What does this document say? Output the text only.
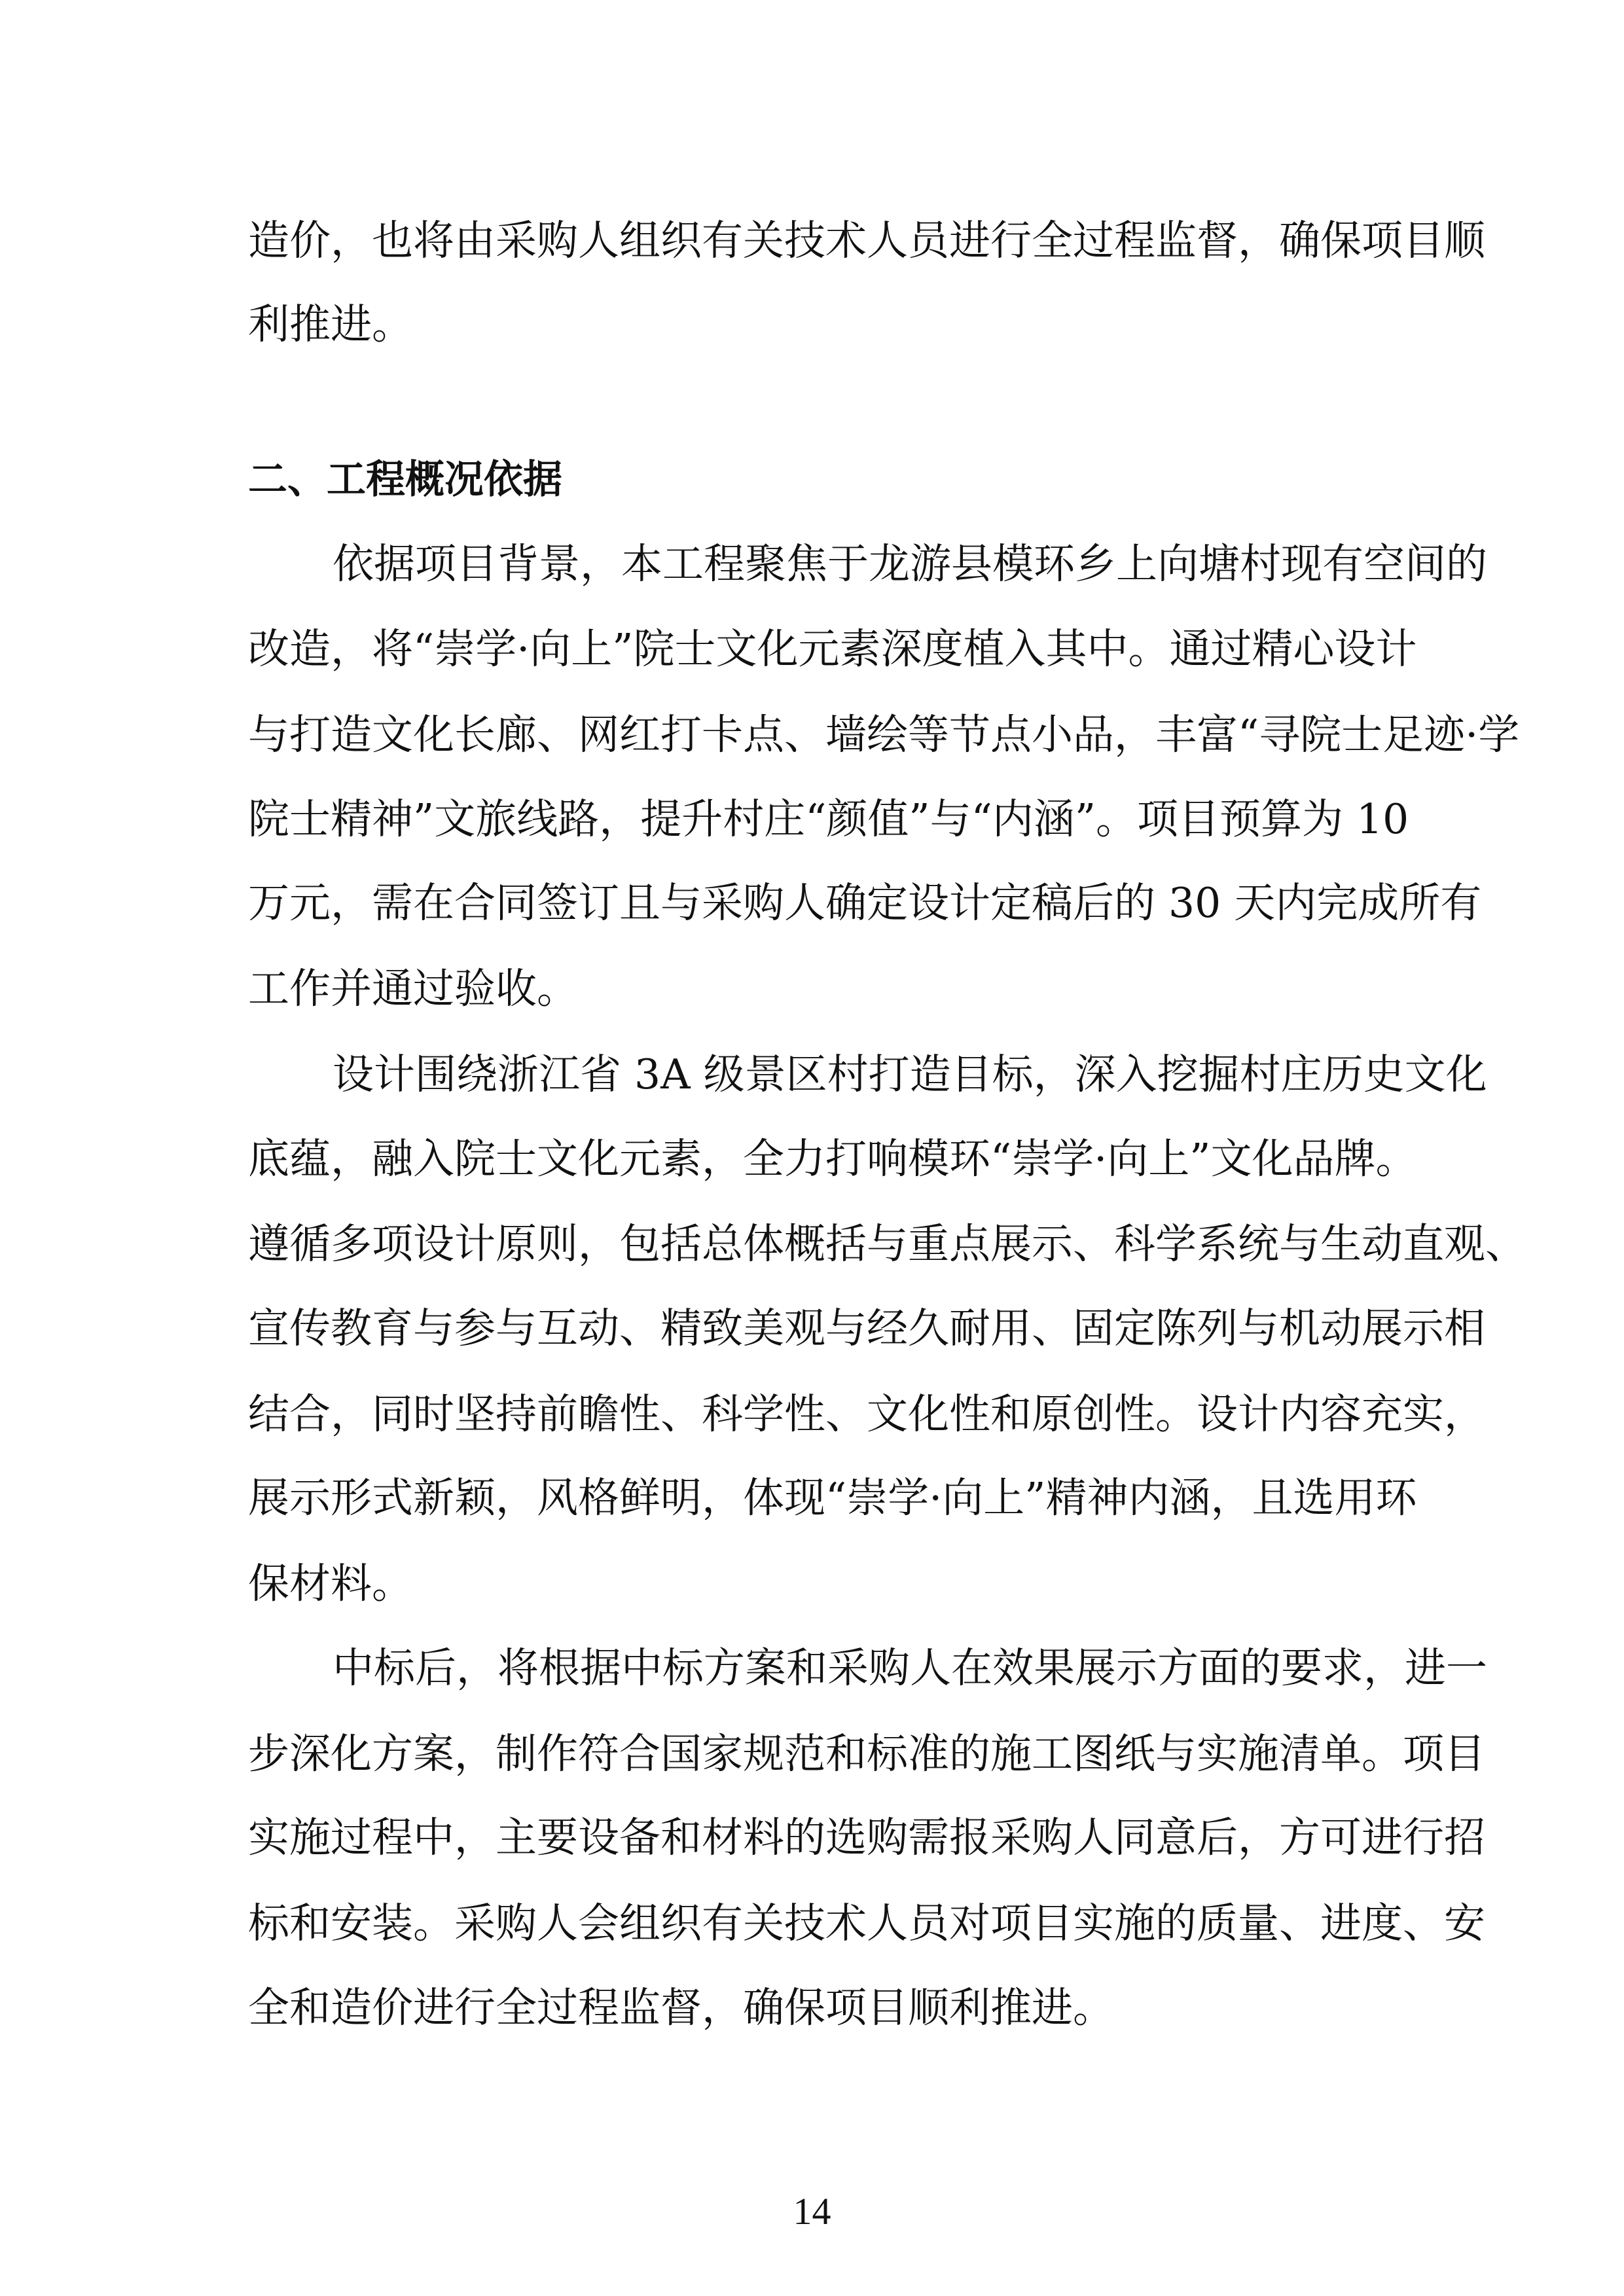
造价，也将由采购人组织有关技术人员进行全过程监督，确保项目顺
利推进。
二、工程概况依据
依据项目背景，本工程聚焦于龙游县模环乡上向塘村现有空间的
改造，将“崇学·向上”院士文化元素深度植入其中。通过精心设计
与打造文化长廊、网红打卡点、墙绘等节点小品，丰富“寻院士足迹·学
院士精神”文旅线路，提升村庄“颜值”与“内涵”。项目预算为 10
万元，需在合同签订且与采购人确定设计定稿后的 30 天内完成所有
工作并通过验收。
设计围绕浙江省 3A 级景区村打造目标，深入挖掘村庄历史文化
底蕴，融入院士文化元素，全力打响模环“崇学·向上”文化品牌。
遵循多项设计原则，包括总体概括与重点展示、科学系统与生动直观、
宣传教育与参与互动、精致美观与经久耐用、固定陈列与机动展示相
结合，同时坚持前瞻性、科学性、文化性和原创性。设计内容充实，
展示形式新颖，风格鲜明，体现“崇学·向上”精神内涵，且选用环
保材料。
中标后，将根据中标方案和采购人在效果展示方面的要求，进一
步深化方案，制作符合国家规范和标准的施工图纸与实施清单。项目
实施过程中，主要设备和材料的选购需报采购人同意后，方可进行招
标和安装。采购人会组织有关技术人员对项目实施的质量、进度、安
全和造价进行全过程监督，确保项目顺利推进。
14
